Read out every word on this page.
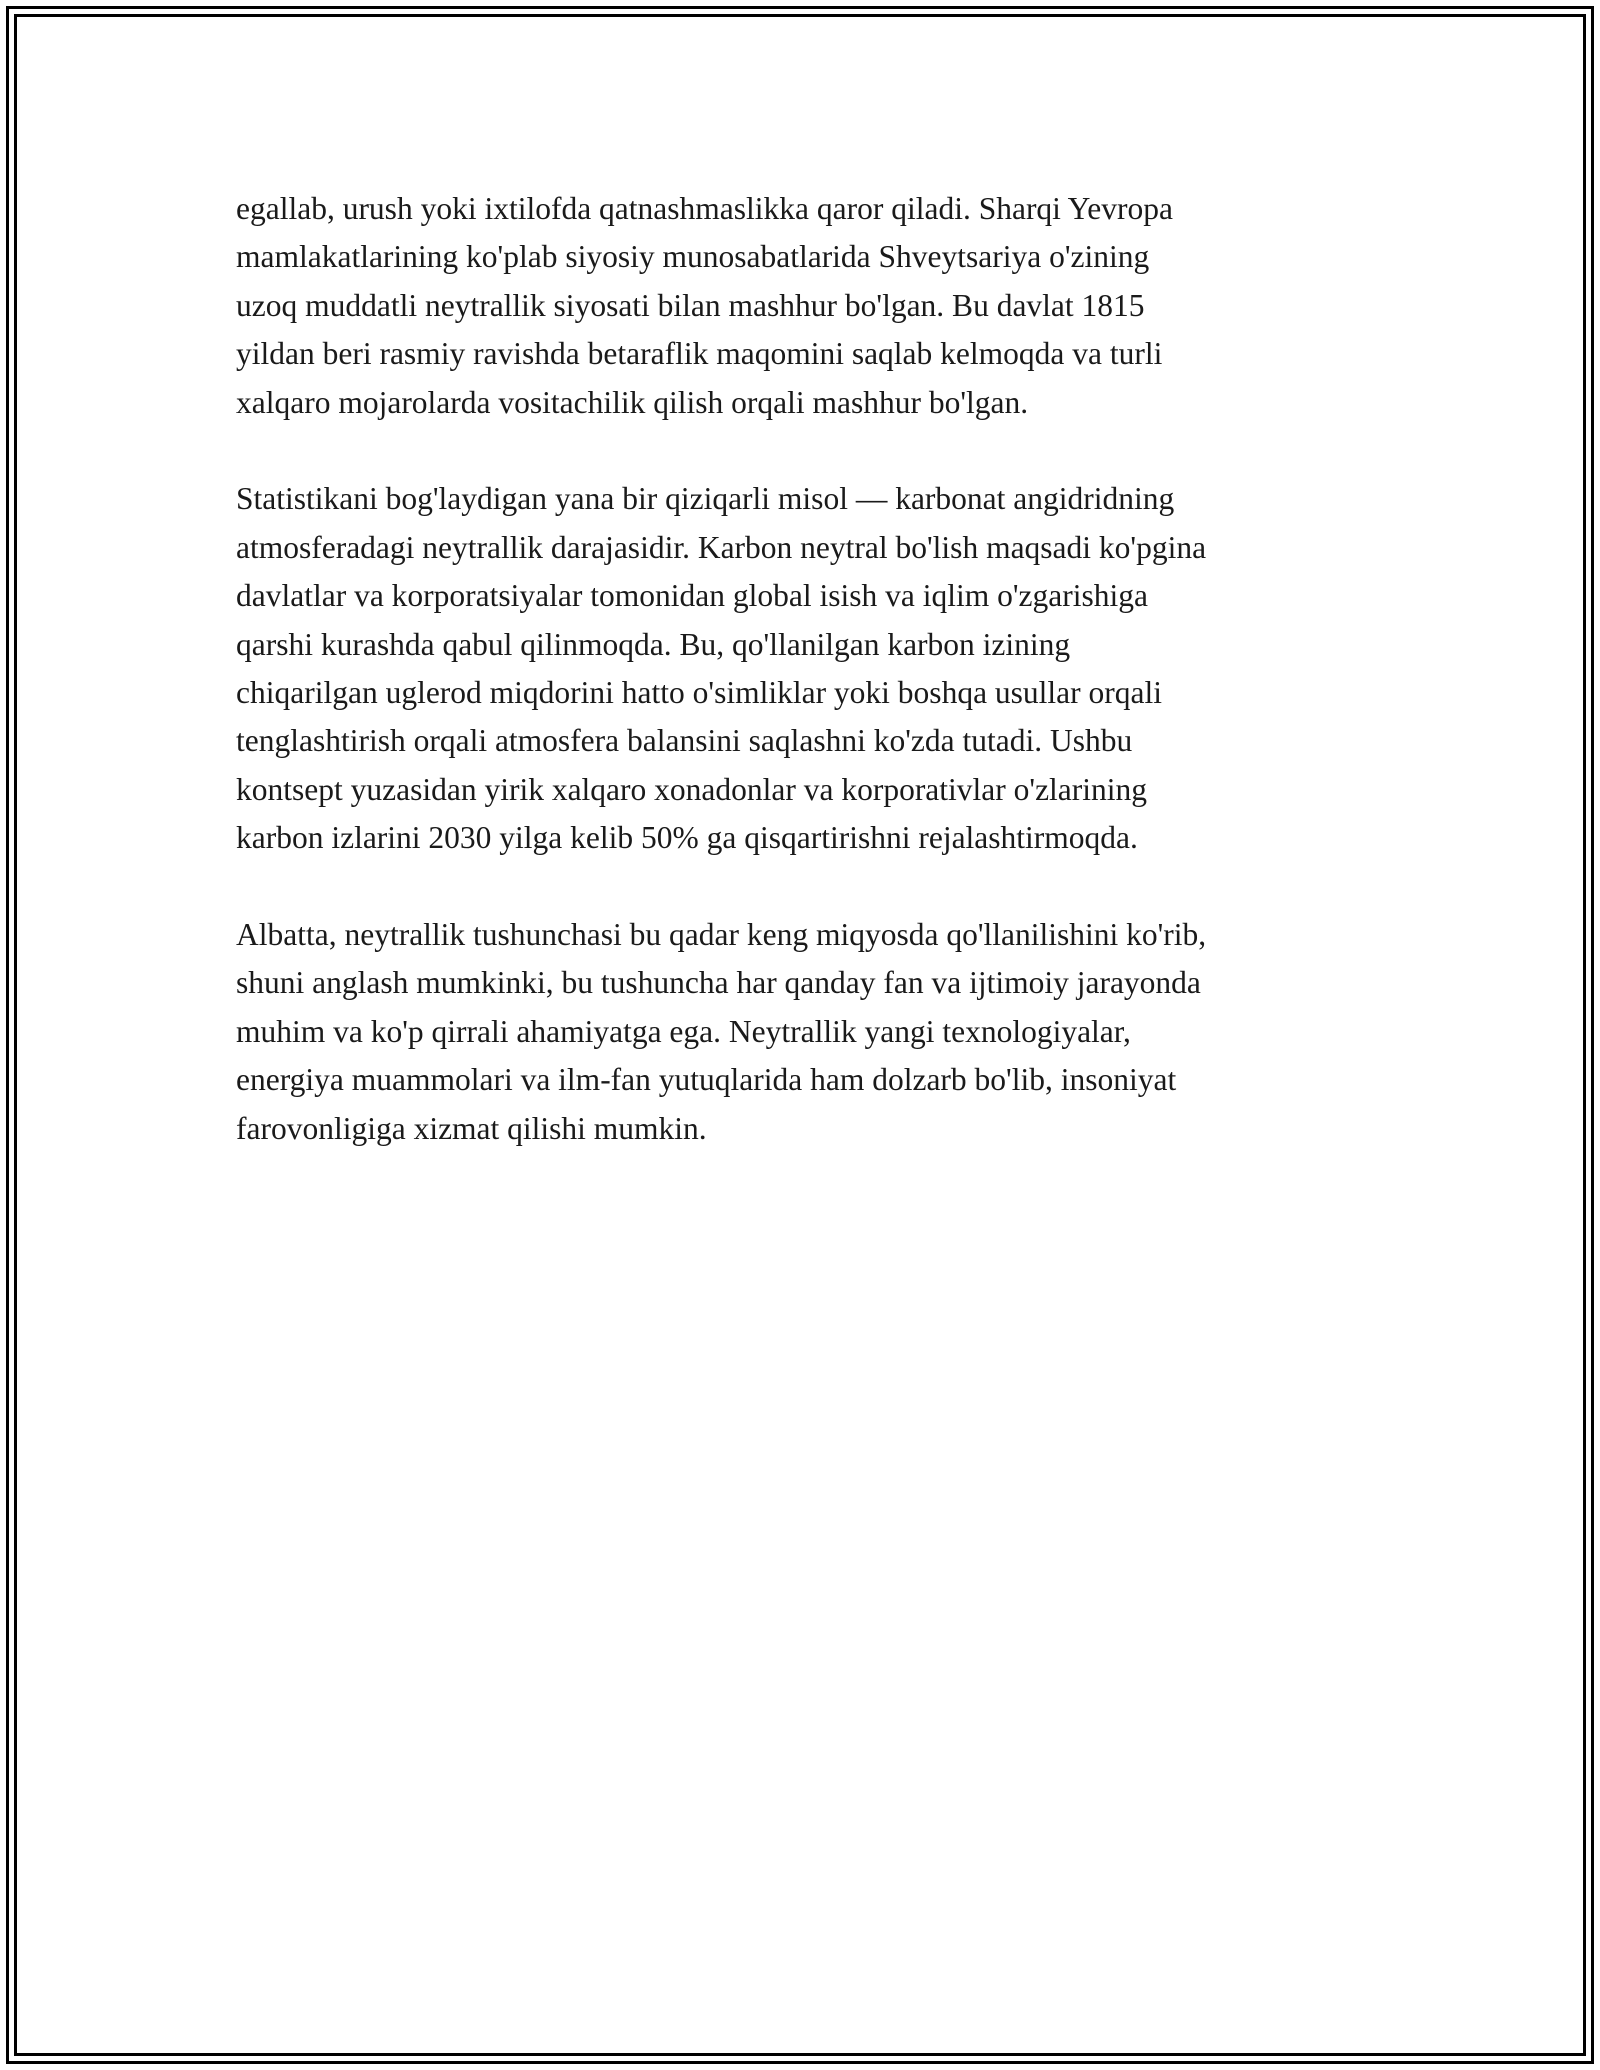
egallab, urush yoki ixtilofda qatnashmaslikka qaror qiladi. Sharqi Yevropa
mamlakatlarining ko'plab siyosiy munosabatlarida Shveytsariya o'zining
uzoq muddatli neytrallik siyosati bilan mashhur bo'lgan. Bu davlat 1815
yildan beri rasmiy ravishda betaraflik maqomini saqlab kelmoqda va turli
xalqaro mojarolarda vositachilik qilish orqali mashhur bo'lgan.

Statistikani bog'laydigan yana bir qiziqarli misol — karbonat angidridning
atmosferadagi neytrallik darajasidir. Karbon neytral bo'lish maqsadi ko'pgina
davlatlar va korporatsiyalar tomonidan global isish va iqlim o'zgarishiga
qarshi kurashda qabul qilinmoqda. Bu, qo'llanilgan karbon izining
chiqarilgan uglerod miqdorini hatto o'simliklar yoki boshqa usullar orqali
tenglashtirish orqali atmosfera balansini saqlashni ko'zda tutadi. Ushbu
kontsept yuzasidan yirik xalqaro xonadonlar va korporativlar o'zlarining
karbon izlarini 2030 yilga kelib 50% ga qisqartirishni rejalashtirmoqda.

Albatta, neytrallik tushunchasi bu qadar keng miqyosda qo'llanilishini ko'rib,
shuni anglash mumkinki, bu tushuncha har qanday fan va ijtimoiy jarayonda
muhim va ko'p qirrali ahamiyatga ega. Neytrallik yangi texnologiyalar,
energiya muammolari va ilm-fan yutuqlarida ham dolzarb bo'lib, insoniyat
farovonligiga xizmat qilishi mumkin.
